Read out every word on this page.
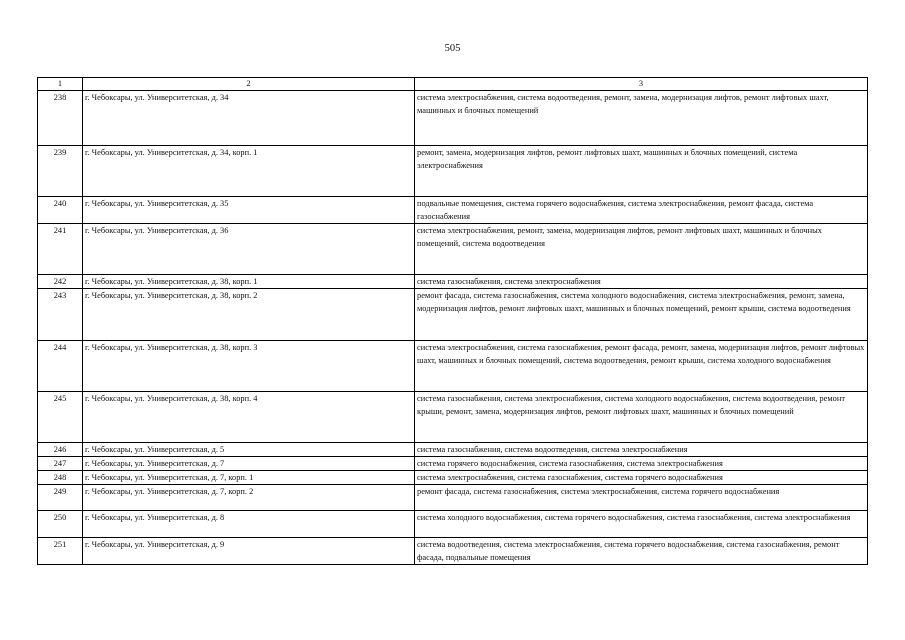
505
1	2	3
238	г. Чебоксары, ул. Университетская, д. 34	система электроснабжения, система водоотведения, ремонт, замена, модернизация лифтов, ремонт лифтовых шахт, машинных и блочных помещений
239	г. Чебоксары, ул. Университетская, д. 34, корп. 1	ремонт, замена, модернизация лифтов, ремонт лифтовых шахт, машинных и блочных помещений, система электроснабжения
240	г. Чебоксары, ул. Университетская, д. 35	подвальные помещения, система горячего водоснабжения, система электроснабжения, ремонт фасада, система газоснабжения
241	г. Чебоксары, ул. Университетская, д. 36	система электроснабжения, ремонт, замена, модернизация лифтов, ремонт лифтовых шахт, машинных и блочных помещений, система водоотведения
242	г. Чебоксары, ул. Университетская, д. 38, корп. 1	система газоснабжения, система электроснабжения
243	г. Чебоксары, ул. Университетская, д. 38, корп. 2	ремонт фасада, система газоснабжения, система холодного водоснабжения, система электроснабжения, ремонт, замена, модернизация лифтов, ремонт лифтовых шахт, машинных и блочных помещений, ремонт крыши, система водоотведения
244	г. Чебоксары, ул. Университетская, д. 38, корп. 3	система электроснабжения, система газоснабжения, ремонт фасада, ремонт, замена, модернизация лифтов, ремонт лифтовых шахт, машинных и блочных помещений, система водоотведения, ремонт крыши, система холодного водоснабжения
245	г. Чебоксары, ул. Университетская, д. 38, корп. 4	система газоснабжения, система электроснабжения, система холодного водоснабжения, система водоотведения, ремонт крыши, ремонт, замена, модернизация лифтов, ремонт лифтовых шахт, машинных и блочных помещений
246	г. Чебоксары, ул. Университетская, д. 5	система газоснабжения, система водоотведения, система электроснабжения
247	г. Чебоксары, ул. Университетская, д. 7	система горячего водоснабжения, система газоснабжения, система электроснабжения
248	г. Чебоксары, ул. Университетская, д. 7, корп. 1	система электроснабжения, система газоснабжения, система горячего водоснабжения
249	г. Чебоксары, ул. Университетская, д. 7, корп. 2	ремонт фасада, система газоснабжения, система электроснабжения, система горячего водоснабжения
250	г. Чебоксары, ул. Университетская, д. 8	система холодного водоснабжения, система горячего водоснабжения, система газоснабжения, система электроснабжения
251	г. Чебоксары, ул. Университетская, д. 9	система водоотведения, система электроснабжения, система горячего водоснабжения, система газоснабжения, ремонт фасада, подвальные помещения
